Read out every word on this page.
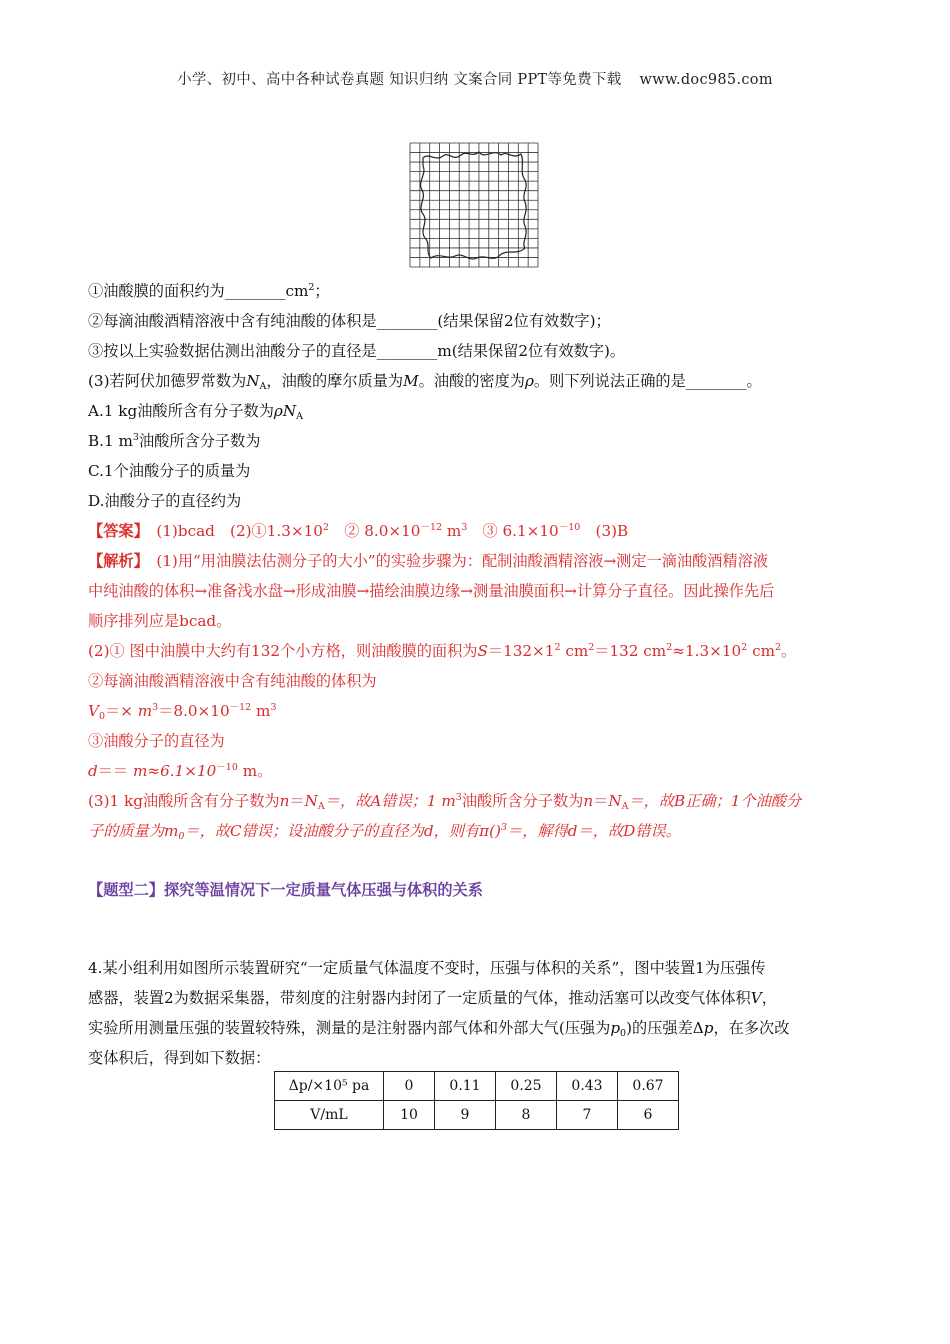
小学、初中、高中各种试卷真题 知识归纳 文案合同 PPT等免费下载 www.doc985.com
①油酸膜的面积约为$\_\_\_\_\_\_\_\_cm^2$；
②每滴油酸酒精溶液中含有纯油酸的体积是________(结果保留2位有效数字)；
③按以上实验数据估测出油酸分子的直径是________m(结果保留2位有效数字)。
(3)若阿伏加德罗常数为$N_A$，油酸的摩尔质量为M。油酸的密度为ρ。则下列说法正确的是________。
A.1 kg油酸所含有分子数为$\rho N_A$
B.1 $m^3$油酸所含分子数为
C.1个油酸分子的质量为
D.油酸分子的直径约为
【答案】　 (1)bcad　$(2)①1.3\times 10^2$　② $8.0\times 10^{-12}$ $m^3$　③ $6.1\times 10^{-10}$　(3)B
【解析】　 (1)用“用油膜法估测分子的大小”的实验步骤为：配制油酸酒精溶液→测定一滴油酸酒精溶液
中纯油酸的体积→准备浅水盘→形成油膜→描绘油膜边缘→测量油膜面积→计算分子直径。因此操作先后
顺序排列应是bcad。
(2)① 图中油膜中大约有132个小方格，则油酸膜的面积为$S=132\times 1^2$ $cm^2=132$ $cm^2\approx 1.3\times 10^2$ $cm^2$。
②每滴油酸酒精溶液中含有纯油酸的体积为
$V_0=\times m^3=8.0\times 10^{-12}$ $m^3$
③油酸分子的直径为
$d== m\approx 6.1\times 10^{-10}$ m。
(3)1 kg油酸所含有分子数为$n=N_A=$，故A错误；1 $m^3$油酸所含分子数为$n=N_A=$，故B正确；1个油酸分
子的质量为$m_0=$，故C错误；设油酸分子的直径为d，则有π()$^3$＝，解得d＝，故D错误。
【题型二】探究等温情况下一定质量气体压强与体积的关系
4.某小组利用如图所示装置研究“一定质量气体温度不变时，压强与体积的关系”，图中装置1为压强传
感器，装置2为数据采集器，带刻度的注射器内封闭了一定质量的气体，推动活塞可以改变气体体积V，
实验所用测量压强的装置较特殊，测量的是注射器内部气体和外部大气(压强为$p_0$)的压强差Δp，在多次改
变体积后，得到如下数据：
Δp/×10⁵ pa	0	0.11	0.25	0.43	0.67
V/mL	10	9	8	7	6
